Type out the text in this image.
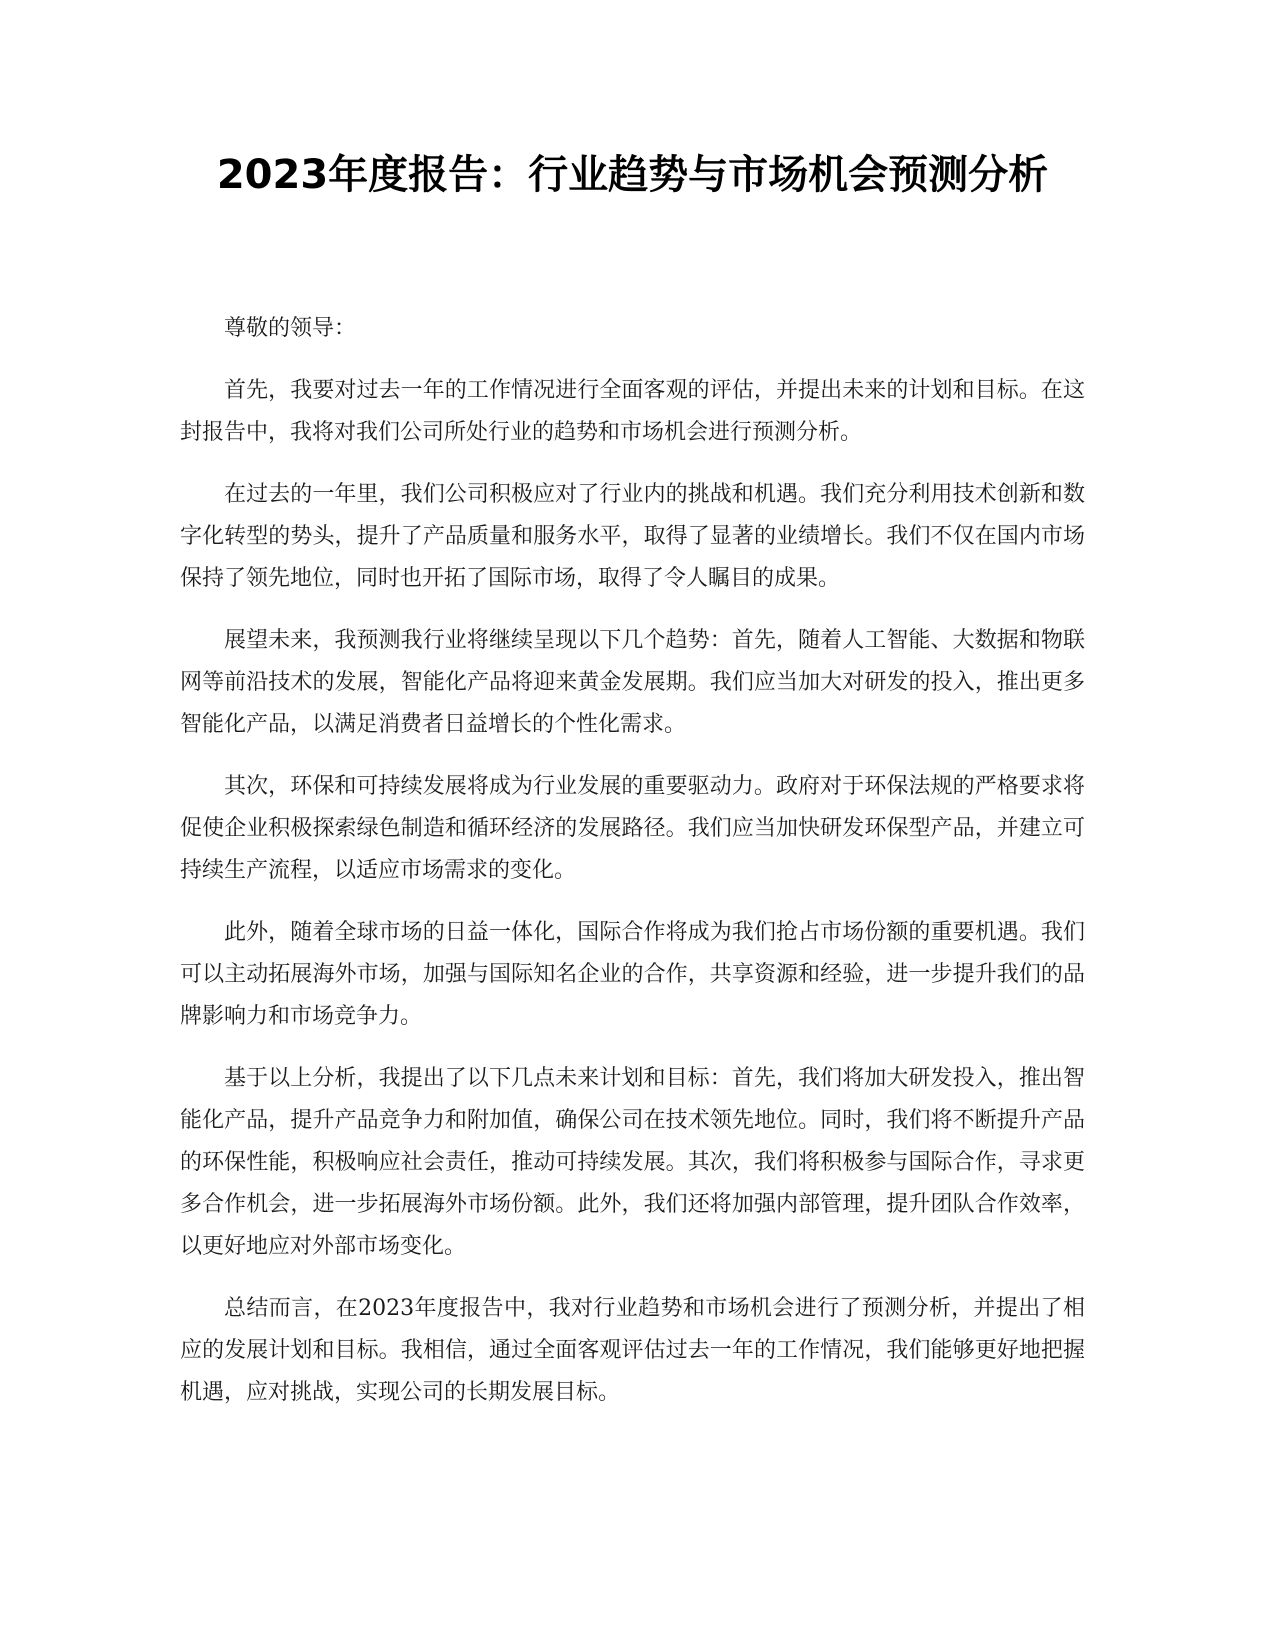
2023年度报告：行业趋势与市场机会预测分析

尊敬的领导：

首先，我要对过去一年的工作情况进行全面客观的评估，并提出未来的计划和目标。在这封报告中，我将对我们公司所处行业的趋势和市场机会进行预测分析。

在过去的一年里，我们公司积极应对了行业内的挑战和机遇。我们充分利用技术创新和数字化转型的势头，提升了产品质量和服务水平，取得了显著的业绩增长。我们不仅在国内市场保持了领先地位，同时也开拓了国际市场，取得了令人瞩目的成果。

展望未来，我预测我行业将继续呈现以下几个趋势：首先，随着人工智能、大数据和物联网等前沿技术的发展，智能化产品将迎来黄金发展期。我们应当加大对研发的投入，推出更多智能化产品，以满足消费者日益增长的个性化需求。

其次，环保和可持续发展将成为行业发展的重要驱动力。政府对于环保法规的严格要求将促使企业积极探索绿色制造和循环经济的发展路径。我们应当加快研发环保型产品，并建立可持续生产流程，以适应市场需求的变化。

此外，随着全球市场的日益一体化，国际合作将成为我们抢占市场份额的重要机遇。我们可以主动拓展海外市场，加强与国际知名企业的合作，共享资源和经验，进一步提升我们的品牌影响力和市场竞争力。

基于以上分析，我提出了以下几点未来计划和目标：首先，我们将加大研发投入，推出智能化产品，提升产品竞争力和附加值，确保公司在技术领先地位。同时，我们将不断提升产品的环保性能，积极响应社会责任，推动可持续发展。其次，我们将积极参与国际合作，寻求更多合作机会，进一步拓展海外市场份额。此外，我们还将加强内部管理，提升团队合作效率，以更好地应对外部市场变化。

总结而言，在2023年度报告中，我对行业趋势和市场机会进行了预测分析，并提出了相应的发展计划和目标。我相信，通过全面客观评估过去一年的工作情况，我们能够更好地把握机遇，应对挑战，实现公司的长期发展目标。
